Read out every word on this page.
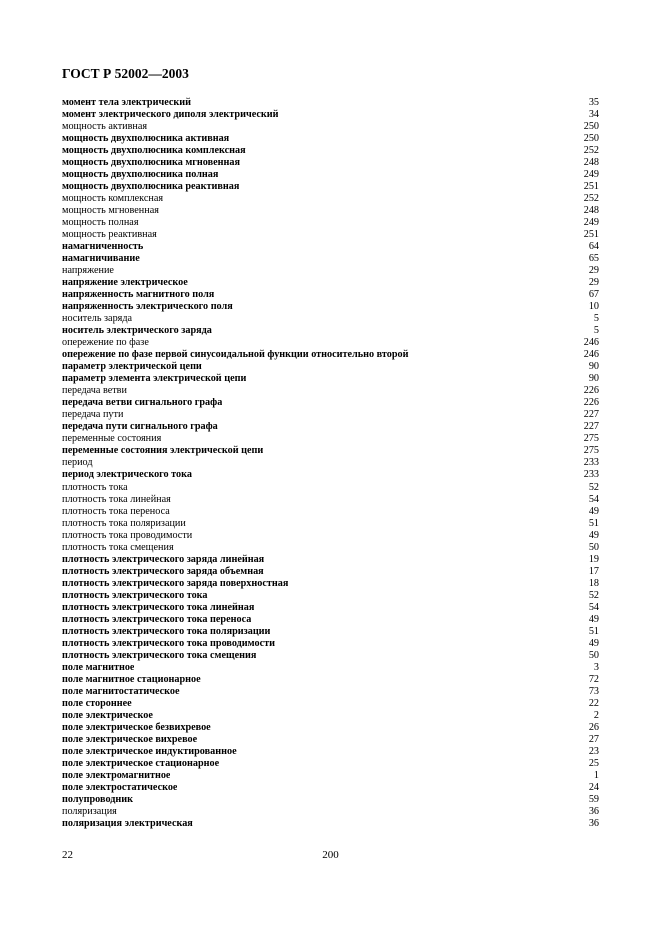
ГОСТ Р 52002—2003
момент тела электрический	35
момент электрического диполя электрический	34
мощность активная	250
мощность двухполюсника активная	250
мощность двухполюсника комплексная	252
мощность двухполюсника мгновенная	248
мощность двухполюсника полная	249
мощность двухполюсника реактивная	251
мощность комплексная	252
мощность мгновенная	248
мощность полная	249
мощность реактивная	251
намагниченность	64
намагничивание	65
напряжение	29
напряжение электрическое	29
напряженность магнитного поля	67
напряженность электрического поля	10
носитель заряда	5
носитель электрического заряда	5
опережение по фазе	246
опережение по фазе первой синусоидальной функции относительно второй	246
параметр электрической цепи	90
параметр элемента электрической цепи	90
передача ветви	226
передача ветви сигнального графа	226
передача пути	227
передача пути сигнального графа	227
переменные состояния	275
переменные состояния электрической цепи	275
период	233
период электрического тока	233
плотность тока	52
плотность тока линейная	54
плотность тока переноса	49
плотность тока поляризации	51
плотность тока проводимости	49
плотность тока смещения	50
плотность электрического заряда линейная	19
плотность электрического заряда объемная	17
плотность электрического заряда поверхностная	18
плотность электрического тока	52
плотность электрического тока линейная	54
плотность электрического тока переноса	49
плотность электрического тока поляризации	51
плотность электрического тока проводимости	49
плотность электрического тока смещения	50
поле магнитное	3
поле магнитное стационарное	72
поле магнитостатическое	73
поле стороннее	22
поле электрическое	2
поле электрическое безвихревое	26
поле электрическое вихревое	27
поле электрическое индуктированное	23
поле электрическое стационарное	25
поле электромагнитное	1
поле электростатическое	24
полупроводник	59
поляризация	36
поляризация электрическая	36
22	200
